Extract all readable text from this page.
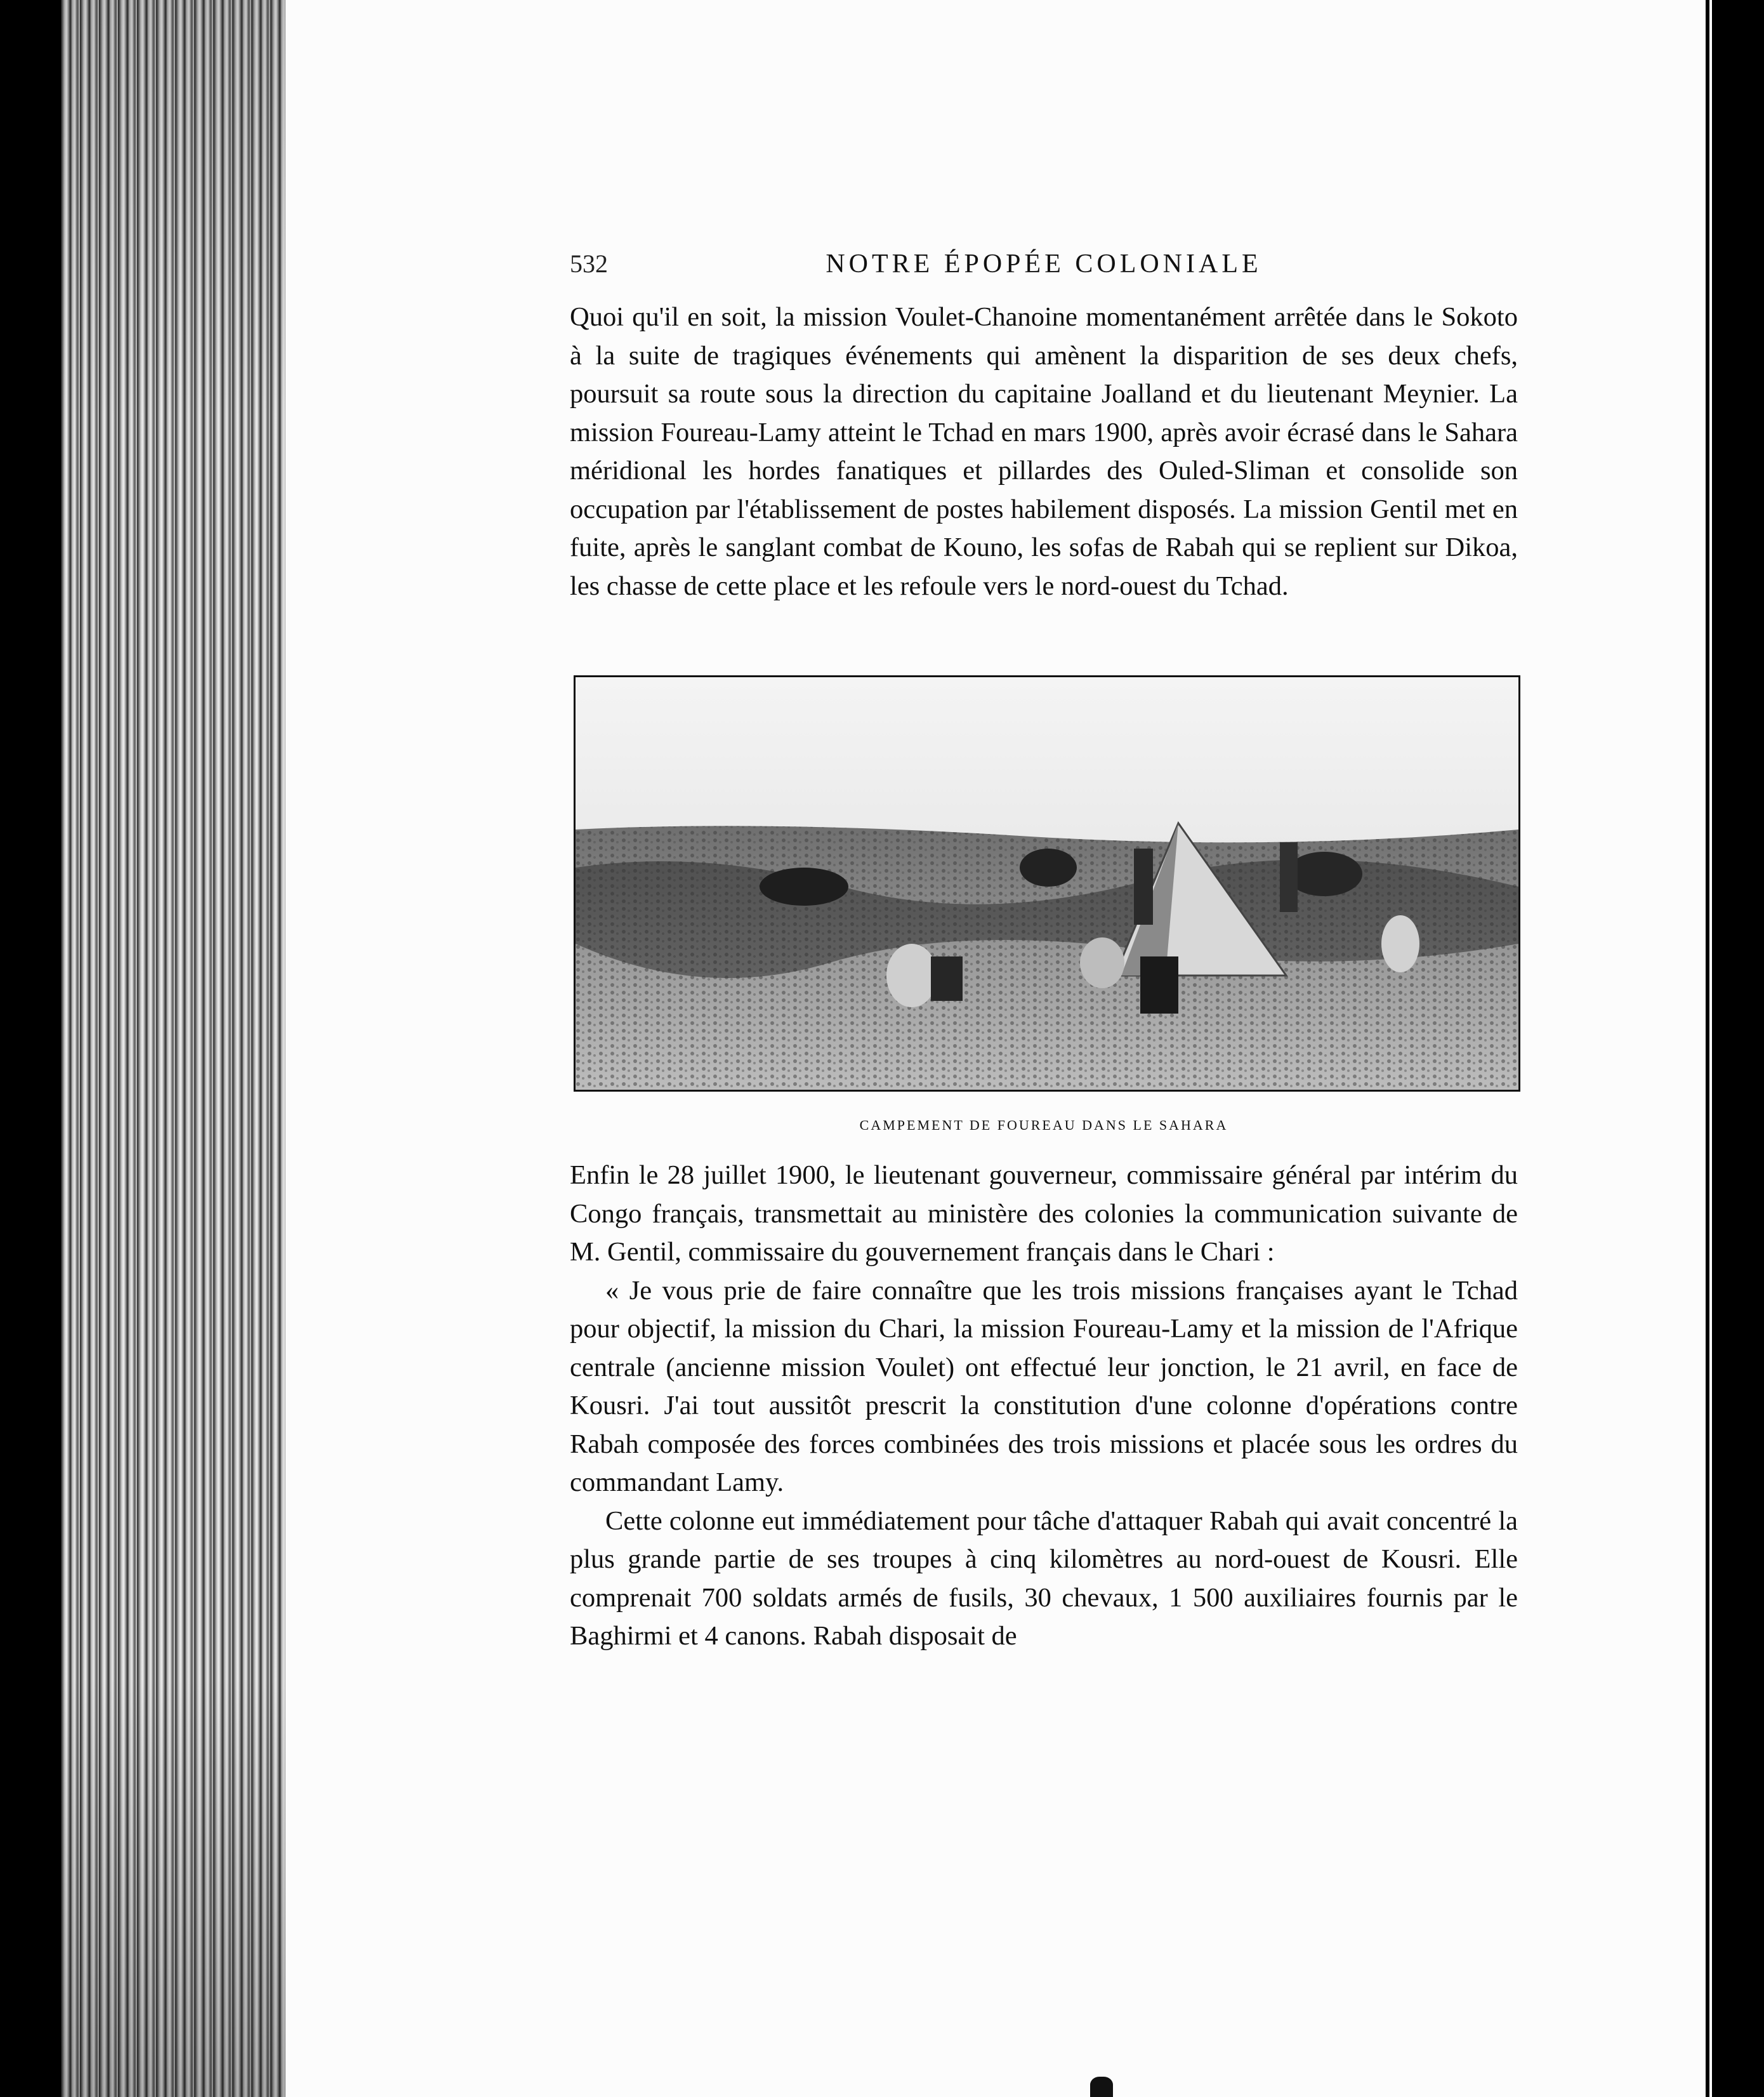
532	NOTRE ÉPOPÉE COLONIALE

Quoi qu'il en soit, la mission Voulet-Chanoine momentanément arrêtée dans le Sokoto à la suite de tragiques événements qui amènent la disparition de ses deux chefs, poursuit sa route sous la direction du capitaine Joalland et du lieutenant Meynier. La mission Foureau-Lamy atteint le Tchad en mars 1900, après avoir écrasé dans le Sahara méridional les hordes fanatiques et pillardes des Ouled-Sliman et consolide son occupation par l'établissement de postes habilement disposés. La mission Gentil met en fuite, après le sanglant combat de Kouno, les sofas de Rabah qui se replient sur Dikoa, les chasse de cette place et les refoule vers le nord-ouest du Tchad.

CAMPEMENT DE FOUREAU DANS LE SAHARA

Enfin le 28 juillet 1900, le lieutenant gouverneur, commissaire général par intérim du Congo français, transmettait au ministère des colonies la communication suivante de M. Gentil, commissaire du gouvernement français dans le Chari :

« Je vous prie de faire connaître que les trois missions françaises ayant le Tchad pour objectif, la mission du Chari, la mission Foureau-Lamy et la mission de l'Afrique centrale (ancienne mission Voulet) ont effectué leur jonction, le 21 avril, en face de Kousri. J'ai tout aussitôt prescrit la constitution d'une colonne d'opérations contre Rabah composée des forces combinées des trois missions et placée sous les ordres du commandant Lamy.

Cette colonne eut immédiatement pour tâche d'attaquer Rabah qui avait concentré la plus grande partie de ses troupes à cinq kilomètres au nord-ouest de Kousri. Elle comprenait 700 soldats armés de fusils, 30 chevaux, 1 500 auxiliaires fournis par le Baghirmi et 4 canons. Rabah disposait de
